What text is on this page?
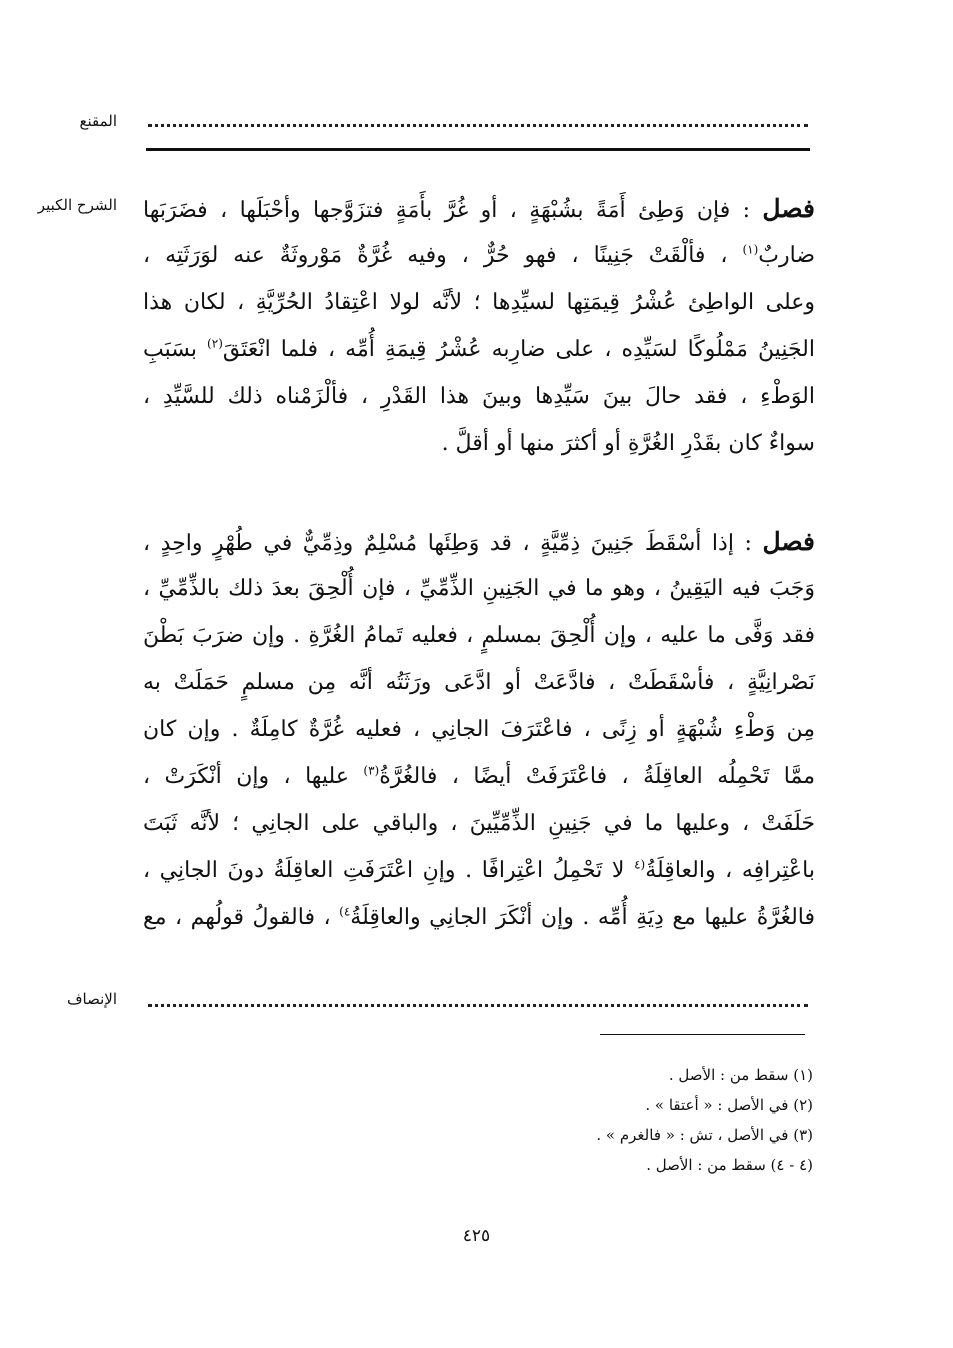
المقنع
الشرح الكبير	فصل : فإن وَطِئ أَمَةً بشُبْهَةٍ ، أو غُرَّ بأَمَةٍ فتزَوَّجها وأحْبَلَها ، فضَرَبَها
ضاربٌ$^{(١)}$ ، فألْقَتْ جَنِينًا ، فهو حُرٌّ ، وفيه غُرَّةٌ مَوْروثَةٌ عنه لوَرَثَتِه ،
وعلى الواطِئ عُشْرُ قِيمَتِها لسيِّدِها ؛ لأنَّه لولا اعْتِقادُ الحُرِّيَّةِ ، لكان هذا
الجَنِينُ مَمْلُوكًا لسَيِّدِه ، على ضارِبه عُشْرُ قِيمَةِ أُمِّه ، فلما انْعَتَقَ$^{(٢)}$ بسَبَبِ
الوَطْءِ ، فقد حالَ بينَ سَيِّدِها وبينَ هذا القَدْرِ ، فألْزَمْناه ذلك للسَّيِّدِ ،
سواءٌ كان بقَدْرِ الغُرَّةِ أو أكثرَ منها أو أقلَّ .
فصل : إذا أسْقَطَ جَنِينَ ذِمِّيَّةٍ ، قد وَطِئَها مُسْلِمٌ وذِمِّيٌّ في طُهْرٍ واحِدٍ ،
وَجَبَ فيه اليَقِينُ ، وهو ما في الجَنِينِ الذِّمِّيِّ ، فإن أُلْحِقَ بعدَ ذلك بالذِّمِّيِّ ،
فقد وَفَّى ما عليه ، وإن أُلْحِقَ بمسلمٍ ، فعليه تَمامُ الغُرَّةِ . وإن ضرَبَ بَطْنَ
نَصْرانِيَّةٍ ، فأسْقَطَتْ ، فادَّعَتْ أو ادَّعَى ورَثَتُه أنَّه مِن مسلمٍ حَمَلَتْ به
مِن وَطْءِ شُبْهَةٍ أو زِنًى ، فاعْتَرَفَ الجانِي ، فعليه غُرَّةٌ كامِلَةٌ . وإن كان
ممَّا تَحْمِلُه العاقِلَةُ ، فاعْتَرَفَتْ أيضًا ، فالغُرَّةُ$^{(٣)}$ عليها ، وإن أنْكَرَتْ ،
حَلَفَتْ ، وعليها ما في جَنِينِ الذِّمِّيِّينَ ، والباقي على الجانِي ؛ لأنَّه ثَبَتَ
باعْتِرافِه ، والعاقِلَةُ$^{(٤}$ لا تَحْمِلُ اعْتِرافًا . وإنِ اعْتَرَفَتِ العاقِلَةُ دونَ الجانِي ،
فالغُرَّةُ عليها مع دِيَةِ أُمِّه . وإن أنْكَرَ الجانِي والعاقِلَةُ$^{٤)}$ ، فالقولُ قولُهم ، مع
الإنصاف
(١) سقط من : الأصل .
(٢) في الأصل : « أعتقا » .
(٣) في الأصل ، تش : « فالغرم » .
(٤ - ٤) سقط من : الأصل .
٤٢٥
